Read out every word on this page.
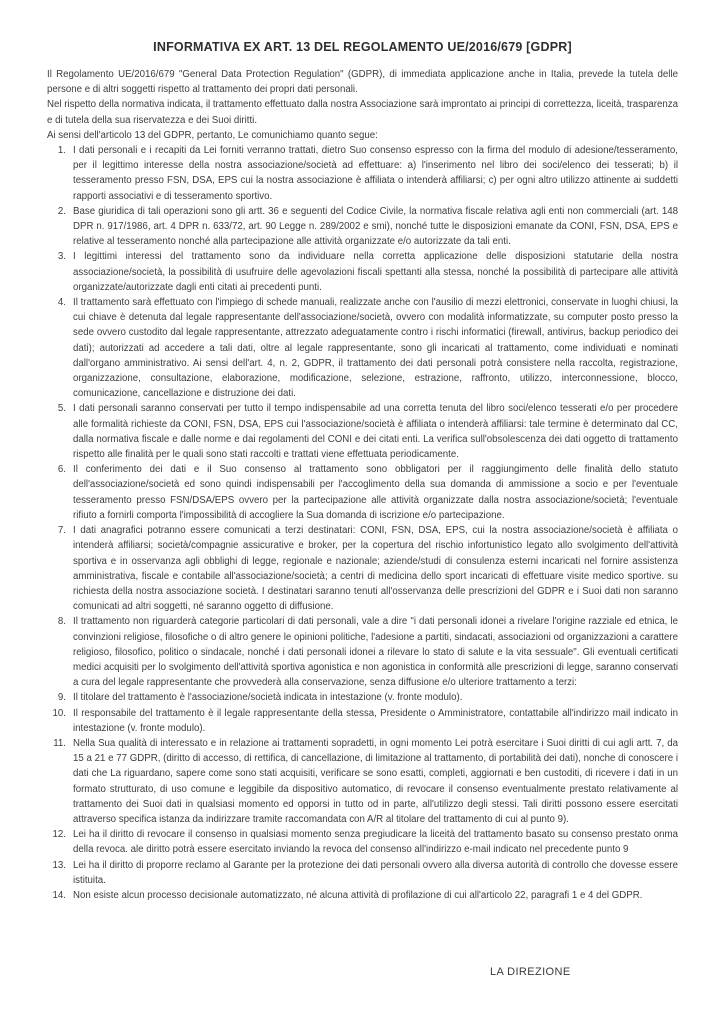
INFORMATIVA EX ART. 13 DEL REGOLAMENTO UE/2016/679 [GDPR]

Il Regolamento UE/2016/679 "General Data Protection Regulation" (GDPR), di immediata applicazione anche in Italia, prevede la tutela delle persone e di altri soggetti rispetto al trattamento dei propri dati personali.

Nel rispetto della normativa indicata, il trattamento effettuato dalla nostra Associazione sarà improntato ai principi di correttezza, liceità, trasparenza e di tutela della sua riservatezza e dei Suoi diritti.

Ai sensi dell'articolo 13 del GDPR, pertanto, Le comunichiamo quanto segue:

1. I dati personali e i recapiti da Lei forniti verranno trattati, dietro Suo consenso espresso con la firma del modulo di adesione/tesseramento, per il legittimo interesse della nostra associazione/società ad effettuare: a) l'inserimento nel libro dei soci/elenco dei tesserati; b) il tesseramento presso FSN, DSA, EPS cui la nostra associazione è affiliata o intenderà affiliarsi; c) per ogni altro utilizzo attinente ai suddetti rapporti associativi e di tesseramento sportivo.
2. Base giuridica di tali operazioni sono gli artt. 36 e seguenti del Codice Civile, la normativa fiscale relativa agli enti non commerciali (art. 148 DPR n. 917/1986, art. 4 DPR n. 633/72, art. 90 Legge n. 289/2002 e smi), nonché tutte le disposizioni emanate da CONI, FSN, DSA, EPS e relative al tesseramento nonché alla partecipazione alle attività organizzate e/o autorizzate da tali enti.
3. I legittimi interessi del trattamento sono da individuare nella corretta applicazione delle disposizioni statutarie della nostra associazione/società, la possibilità di usufruire delle agevolazioni fiscali spettanti alla stessa, nonché la possibilità di partecipare alle attività organizzate/autorizzate dagli enti citati ai precedenti punti.
4. Il trattamento sarà effettuato con l'impiego di schede manuali, realizzate anche con l'ausilio di mezzi elettronici, conservate in luoghi chiusi, la cui chiave è detenuta dal legale rappresentante dell'associazione/società, ovvero con modalità informatizzate, su computer posto presso la sede ovvero custodito dal legale rappresentante, attrezzato adeguatamente contro i rischi informatici (firewall, antivirus, backup periodico dei dati); autorizzati ad accedere a tali dati, oltre al legale rappresentante, sono gli incaricati al trattamento, come individuati e nominati dall'organo amministrativo. Ai sensi dell'art. 4, n. 2, GDPR, il trattamento dei dati personali potrà consistere nella raccolta, registrazione, organizzazione, consultazione, elaborazione, modificazione, selezione, estrazione, raffronto, utilizzo, interconnessione, blocco, comunicazione, cancellazione e distruzione dei dati.
5. I dati personali saranno conservati per tutto il tempo indispensabile ad una corretta tenuta del libro soci/elenco tesserati e/o per procedere alle formalità richieste da CONI, FSN, DSA, EPS cui l'associazione/società è affiliata o intenderà affiliarsi: tale termine è determinato dal CC, dalla normativa fiscale e dalle norme e dai regolamenti del CONI e dei citati enti. La verifica sull'obsolescenza dei dati oggetto di trattamento rispetto alle finalità per le quali sono stati raccolti e trattati viene effettuata periodicamente.
6. Il conferimento dei dati e il Suo consenso al trattamento sono obbligatori per il raggiungimento delle finalità dello statuto dell'associazione/società ed sono quindi indispensabili per l'accoglimento della sua domanda di ammissione a socio e per l'eventuale tesseramento presso FSN/DSA/EPS ovvero per la partecipazione alle attività organizzate dalla nostra associazione/società; l'eventuale rifiuto a fornirli comporta l'impossibilità di accogliere la Sua domanda di iscrizione e/o partecipazione.
7. I dati anagrafici potranno essere comunicati a terzi destinatari: CONI, FSN, DSA, EPS, cui la nostra associazione/società è affiliata o intenderà affiliarsi; società/compagnie assicurative e broker, per la copertura del rischio infortunistico legato allo svolgimento dell'attività sportiva e in osservanza agli obblighi di legge, regionale e nazionale; aziende/studi di consulenza esterni incaricati nel fornire assistenza amministrativa, fiscale e contabile all'associazione/società; a centri di medicina dello sport incaricati di effettuare visite medico sportive. su richiesta della nostra associazione società. I destinatari saranno tenuti all'osservanza delle prescrizioni del GDPR e i Suoi dati non saranno comunicati ad altri soggetti, né saranno oggetto di diffusione.
8. Il trattamento non riguarderà categorie particolari di dati personali, vale a dire "i dati personali idonei a rivelare l'origine razziale ed etnica, le convinzioni religiose, filosofiche o di altro genere le opinioni politiche, l'adesione a partiti, sindacati, associazioni od organizzazioni a carattere religioso, filosofico, politico o sindacale, nonché i dati personali idonei a rilevare lo stato di salute e la vita sessuale". Gli eventuali certificati medici acquisiti per lo svolgimento dell'attività sportiva agonistica e non agonistica in conformità alle prescrizioni di legge, saranno conservati a cura del legale rappresentante che provvederà alla conservazione, senza diffusione e/o ulteriore trattamento a terzi:
9. Il titolare del trattamento è l'associazione/società indicata in intestazione (v. fronte modulo).
10. Il responsabile del trattamento è il legale rappresentante della stessa, Presidente o Amministratore, contattabile all'indirizzo mail indicato in intestazione (v. fronte modulo).
11. Nella Sua qualità di interessato e in relazione ai trattamenti sopradetti, in ogni momento Lei potrà esercitare i Suoi diritti di cui agli artt. 7, da 15 a 21 e 77 GDPR, (diritto di accesso, di rettifica, di cancellazione, di limitazione al trattamento, di portabilità dei dati), nonche di conoscere i dati che La riguardano, sapere come sono stati acquisiti, verificare se sono esatti, completi, aggiornati e ben custoditi, di ricevere i dati in un formato strutturato, di uso comune e leggibile da dispositivo automatico, di revocare il consenso eventualmente prestato relativamente al trattamento dei Suoi dati in qualsiasi momento ed opporsi in tutto od in parte, all'utilizzo degli stessi. Tali diritti possono essere esercitati attraverso specifica istanza da indirizzare tramite raccomandata con A/R al titolare del trattamento di cui al punto 9).
12. Lei ha il diritto di revocare il consenso in qualsiasi momento senza pregiudicare la liceità del trattamento basato su consenso prestato onma della revoca. ale diritto potrà essere esercitato inviando la revoca del consenso all'indirizzo e-mail indicato nel precedente punto 9
13. Lei ha il diritto di proporre reclamo al Garante per la protezione dei dati personali ovvero alla diversa autorità di controllo che dovesse essere istituita.
14. Non esiste alcun processo decisionale automatizzato, né alcuna attività di profilazione di cui all'articolo 22, paragrafi 1 e 4 del GDPR.
LA DIREZIONE
